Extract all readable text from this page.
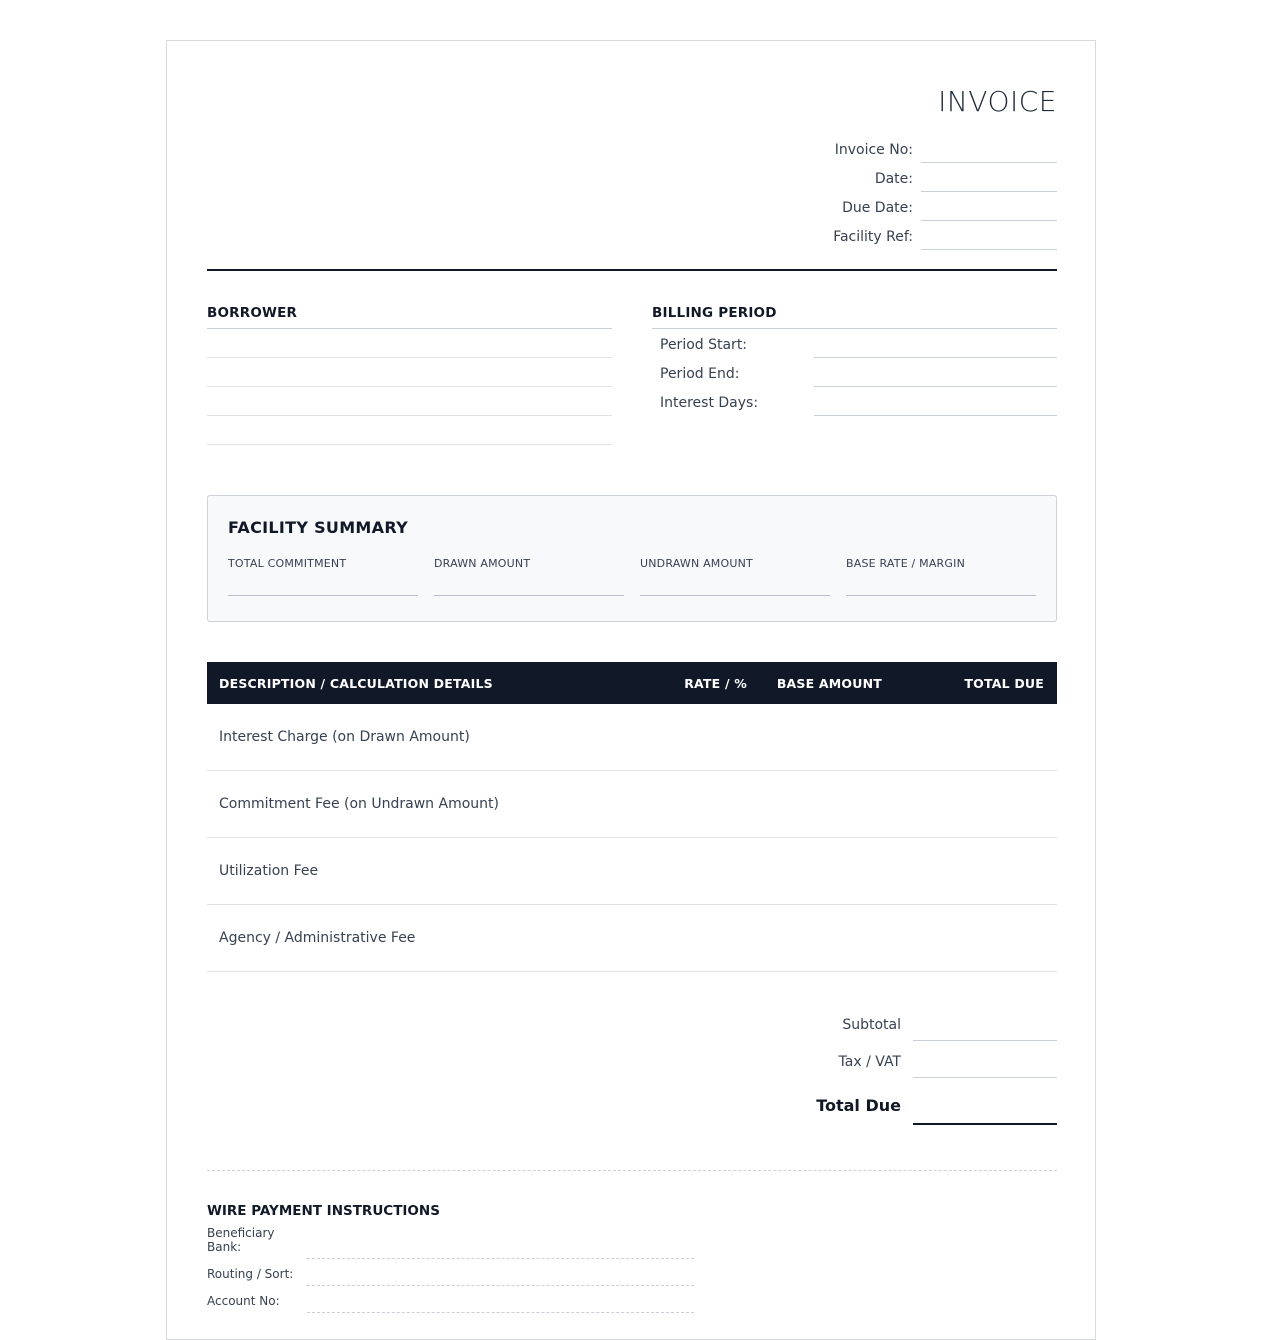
INVOICE
Invoice No:
Date:
Due Date:
Facility Ref:
BORROWER	BILLING PERIOD
Period Start:
Period End:
Interest Days:
FACILITY SUMMARY
TOTAL COMMITMENT	DRAWN AMOUNT	UNDRAWN AMOUNT	BASE RATE / MARGIN
DESCRIPTION / CALCULATION DETAILS	RATE / %	BASE AMOUNT	TOTAL DUE
Interest Charge (on Drawn Amount)
Commitment Fee (on Undrawn Amount)
Utilization Fee
Agency / Administrative Fee
Subtotal
Tax / VAT
Total Due
WIRE PAYMENT INSTRUCTIONS
Beneficiary Bank:
Routing / Sort:
Account No:
